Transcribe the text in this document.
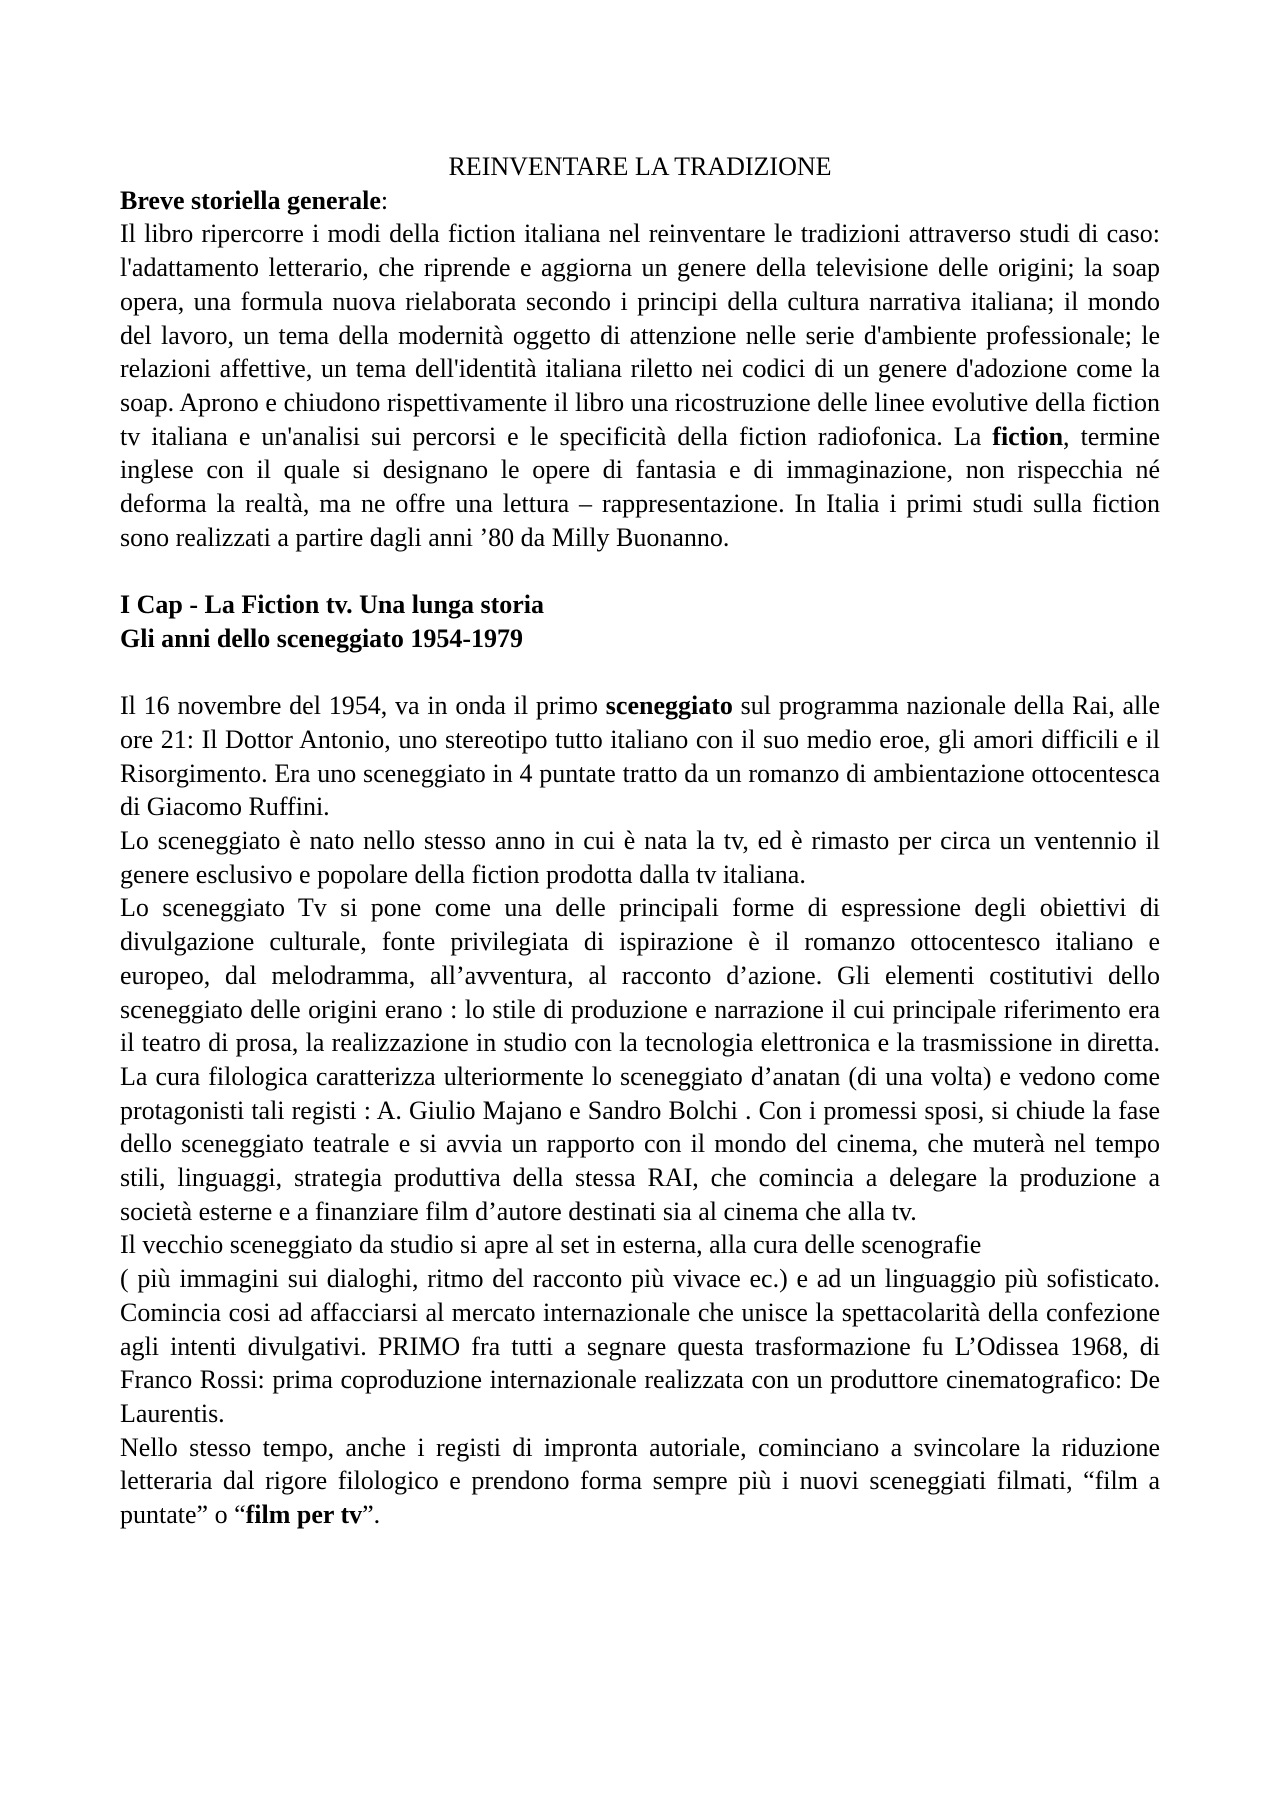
REINVENTARE LA TRADIZIONE
Breve storiella generale:

Il libro ripercorre i modi della fiction italiana nel reinventare le tradizioni attraverso studi di caso: l'adattamento letterario, che riprende e aggiorna un genere della televisione delle origini; la soap opera, una formula nuova rielaborata secondo i principi della cultura narrativa italiana; il mondo del lavoro, un tema della modernità oggetto di attenzione nelle serie d'ambiente professionale; le relazioni affettive, un tema dell'identità italiana riletto nei codici di un genere d'adozione come la soap. Aprono e chiudono rispettivamente il libro una ricostruzione delle linee evolutive della fiction tv italiana e un'analisi sui percorsi e le specificità della fiction radiofonica. La fiction, termine inglese con il quale si designano le opere di fantasia e di immaginazione, non rispecchia né deforma la realtà, ma ne offre una lettura – rappresentazione. In Italia i primi studi sulla fiction sono realizzati a partire dagli anni ’80 da Milly Buonanno.

I Cap - La Fiction tv. Una lunga storia
Gli anni dello sceneggiato 1954-1979

Il 16 novembre del 1954, va in onda il primo sceneggiato sul programma nazionale della Rai, alle ore 21: Il Dottor Antonio, uno stereotipo tutto italiano con il suo medio eroe, gli amori difficili e il Risorgimento. Era uno sceneggiato in 4 puntate tratto da un romanzo di ambientazione ottocentesca di Giacomo Ruffini.

Lo sceneggiato è nato nello stesso anno in cui è nata la tv, ed è rimasto per circa un ventennio il genere esclusivo e popolare della fiction prodotta dalla tv italiana.

Lo sceneggiato Tv si pone come una delle principali forme di espressione degli obiettivi di divulgazione culturale, fonte privilegiata di ispirazione è il romanzo ottocentesco italiano e europeo, dal melodramma, all’avventura, al racconto d’azione. Gli elementi costitutivi dello sceneggiato delle origini erano : lo stile di produzione e narrazione il cui principale riferimento era il teatro di prosa, la realizzazione in studio con la tecnologia elettronica e la trasmissione in diretta. La cura filologica caratterizza ulteriormente lo sceneggiato d’anatan (di una volta) e vedono come protagonisti tali registi : A. Giulio Majano e Sandro Bolchi . Con i promessi sposi, si chiude la fase dello sceneggiato teatrale e si avvia un rapporto con il mondo del cinema, che muterà nel tempo stili, linguaggi, strategia produttiva della stessa RAI, che comincia a delegare la produzione a società esterne e a finanziare film d’autore destinati sia al cinema che alla tv.

Il vecchio sceneggiato da studio si apre al set in esterna, alla cura delle scenografie

( più immagini sui dialoghi, ritmo del racconto più vivace ec.) e ad un linguaggio più sofisticato. Comincia cosi ad affacciarsi al mercato internazionale che unisce la spettacolarità della confezione agli intenti divulgativi. PRIMO fra tutti a segnare questa trasformazione fu L’Odissea 1968, di Franco Rossi: prima coproduzione internazionale realizzata con un produttore cinematografico: De Laurentis.

Nello stesso tempo, anche i registi di impronta autoriale, cominciano a svincolare la riduzione letteraria dal rigore filologico e prendono forma sempre più i nuovi sceneggiati filmati, “film a puntate” o “film per tv”.
